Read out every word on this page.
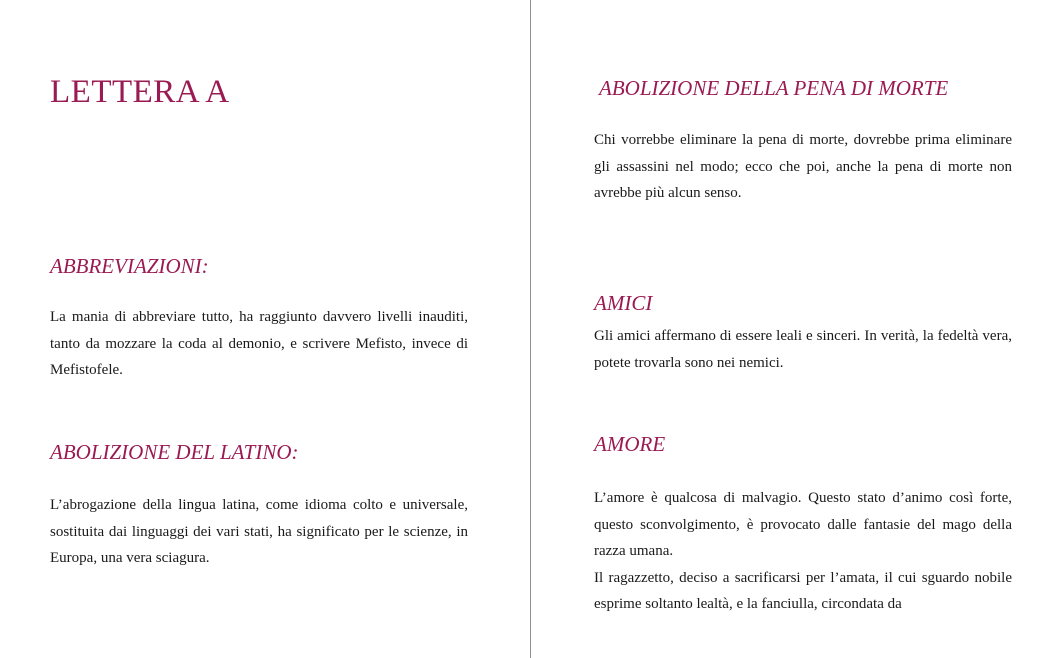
LETTERA A
ABBREVIAZIONI:

La mania di abbreviare tutto, ha raggiunto davvero livelli inauditi, tanto da mozzare la coda al demonio, e scrivere Mefisto, invece di Mefistofele.

ABOLIZIONE DEL LATINO:

L’abrogazione della lingua latina, come idioma colto e universale, sostituita dai linguaggi dei vari stati, ha significato per le scienze, in Europa, una vera sciagura.

ABOLIZIONE DELLA PENA DI MORTE

Chi vorrebbe eliminare la pena di morte, dovrebbe prima eliminare gli assassini nel modo; ecco che poi, anche la pena di morte non avrebbe più alcun senso.

AMICI

Gli amici affermano di essere leali e sinceri. In verità, la fedeltà vera, potete trovarla sono nei nemici.

AMORE

L’amore è qualcosa di malvagio. Questo stato d’animo così forte, questo sconvolgimento, è provocato dalle fantasie del mago della razza umana.

Il ragazzetto, deciso a sacrificarsi per l’amata, il cui sguardo nobile esprime soltanto lealtà, e la fanciulla, circondata da
